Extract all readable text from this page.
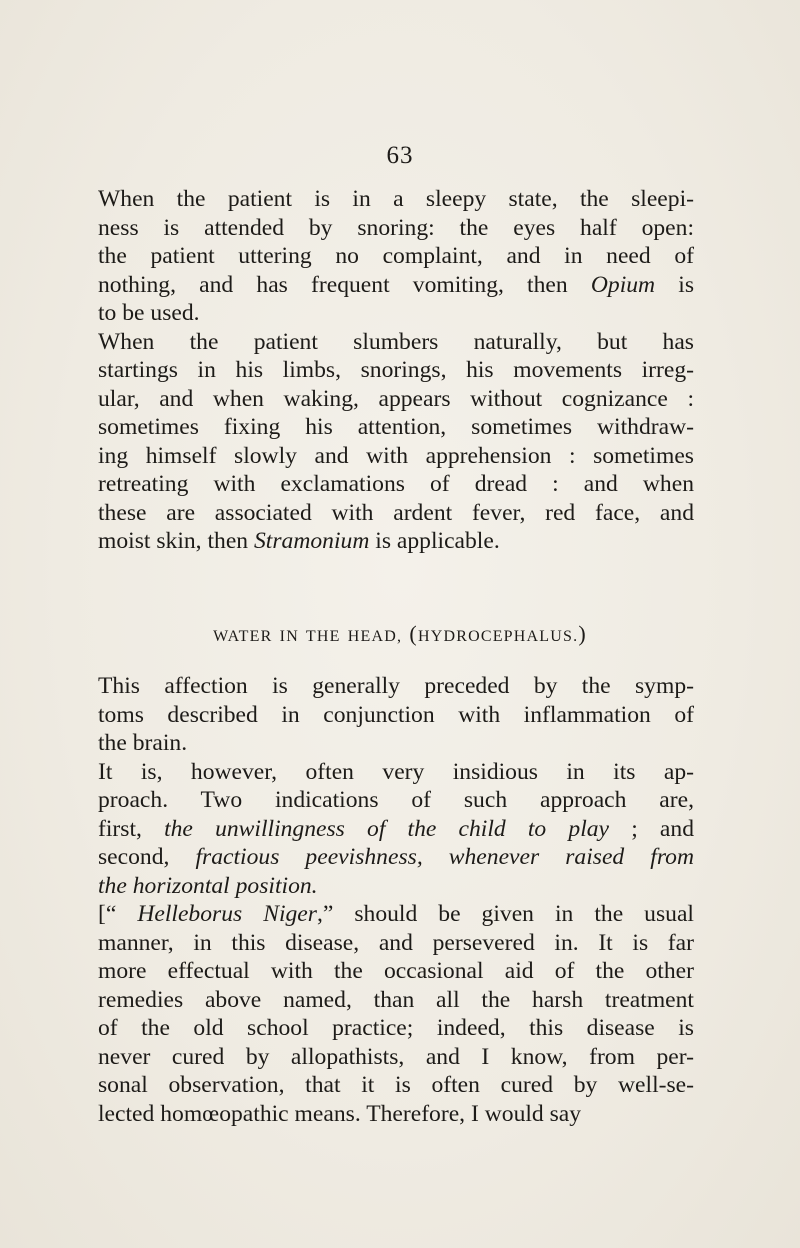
63

When the patient is in a sleepy state, the sleepi-
ness is attended by snoring: the eyes half open:
the patient uttering no complaint, and in need of
nothing, and has frequent vomiting, then Opium is
to be used.

When the patient slumbers naturally, but has
startings in his limbs, snorings, his movements irreg-
ular, and when waking, appears without cognizance :
sometimes fixing his attention, sometimes withdraw-
ing himself slowly and with apprehension : sometimes
retreating with exclamations of dread : and when
these are associated with ardent fever, red face, and
moist skin, then Stramonium is applicable.

WATER IN THE HEAD, (HYDROCEPHALUS.)

This affection is generally preceded by the symp-
toms described in conjunction with inflammation of
the brain.

It is, however, often very insidious in its ap-
proach. Two indications of such approach are,
first, the unwillingness of the child to play ; and
second, fractious peevishness, whenever raised from
the horizontal position.

[“ Helleborus Niger,” should be given in the usual
manner, in this disease, and persevered in. It is far
more effectual with the occasional aid of the other
remedies above named, than all the harsh treatment
of the old school practice; indeed, this disease is
never cured by allopathists, and I know, from per-
sonal observation, that it is often cured by well-se-
lected homœopathic means. Therefore, I would say
